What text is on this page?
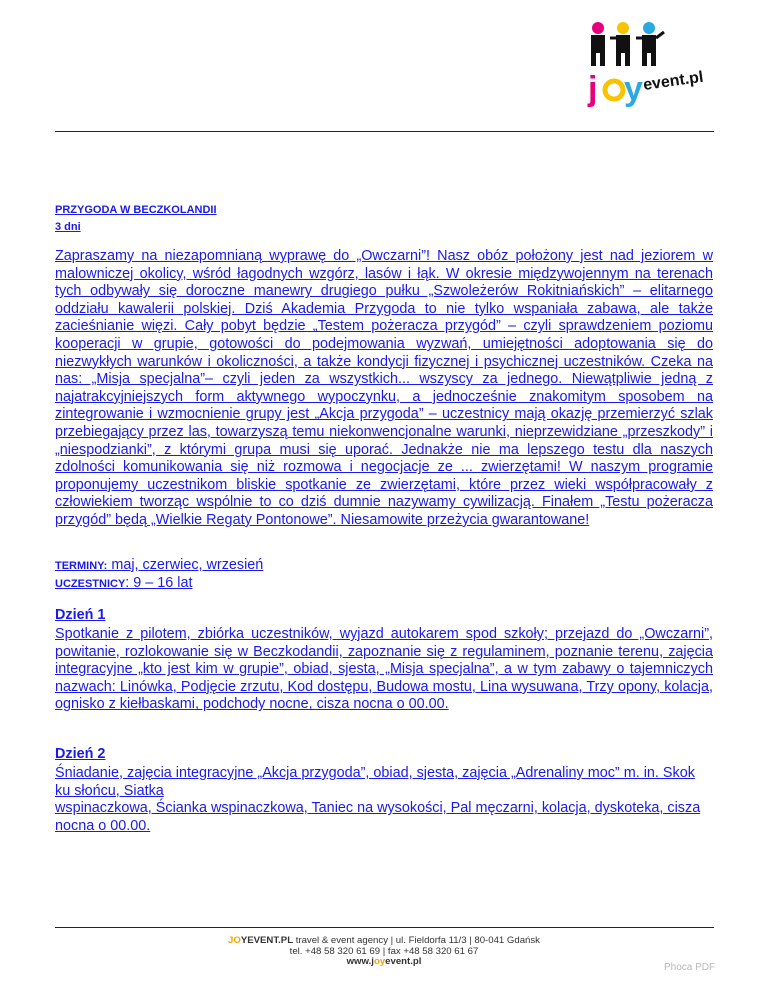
j y event.pl
PRZYGODA W BECZKOLANDII
3 dni
Zapraszamy na niezapomnianą wyprawę do „Owczarni”! Nasz obóz położony jest nad jeziorem w malowniczej okolicy, wśród łagodnych wzgórz, lasów i łąk. W okresie międzywojennym na terenach tych odbywały się doroczne manewry drugiego pułku „Szwoleżerów Rokitniańskich” – elitarnego oddziału kawalerii polskiej. Dziś Akademia Przygoda to nie tylko wspaniała zabawa, ale także zacieśnianie więzi. Cały pobyt będzie „Testem pożeracza przygód” – czyli sprawdzeniem poziomu kooperacji w grupie, gotowości do podejmowania wyzwań, umiejętności adoptowania się do niezwykłych warunków i okoliczności, a także kondycji fizycznej i psychicznej uczestników. Czeka na nas: „Misja specjalna”– czyli jeden za wszystkich... wszyscy za jednego. Niewątpliwie jedną z najatrakcyjniejszych form aktywnego wypoczynku, a jednocześnie znakomitym sposobem na zintegrowanie i wzmocnienie grupy jest „Akcja przygoda” – uczestnicy mają okazję przemierzyć szlak przebiegający przez las, towarzyszą temu niekonwencjonalne warunki, nieprzewidziane „przeszkody” i „niespodzianki”, z którymi grupa musi się uporać. Jednakże nie ma lepszego testu dla naszych zdolności komunikowania się niż rozmowa i negocjacje ze ... zwierzętami! W naszym programie proponujemy uczestnikom bliskie spotkanie ze zwierzętami, które przez wieki współpracowały z człowiekiem tworząc wspólnie to co dziś dumnie nazywamy cywilizacją. Finałem „Testu pożeracza przygód” będą „Wielkie Regaty Pontonowe”. Niesamowite przeżycia gwarantowane!
TERMINY: maj, czerwiec, wrzesień
UCZESTNICY: 9 – 16 lat
Dzień 1
Spotkanie z pilotem, zbiórka uczestników, wyjazd autokarem spod szkoły; przejazd do „Owczarni”, powitanie, rozlokowanie się w Beczkodandii, zapoznanie się z regulaminem, poznanie terenu, zajęcia integracyjne „kto jest kim w grupie”, obiad, sjesta, „Misja specjalna”, a w tym zabawy o tajemniczych nazwach: Linówka, Podjęcie zrzutu, Kod dostępu, Budowa mostu, Lina wysuwana, Trzy opony, kolacja, ognisko z kiełbaskami, podchody nocne, cisza nocna o 00.00.
Dzień 2
Śniadanie, zajęcia integracyjne „Akcja przygoda”, obiad, sjesta, zajęcia „Adrenaliny moc” m. in. Skok ku słońcu, Siatka
wspinaczkowa, Ścianka wspinaczkowa, Taniec na wysokości, Pal męczarni, kolacja, dyskoteka, cisza nocna o 00.00.
JOYEVENT.PL travel & event agency | ul. Fieldorfa 11/3 | 80-041 Gdańsk
tel. +48 58 320 61 69 | fax +48 58 320 61 67
www.joyevent.pl
Phoca PDF
